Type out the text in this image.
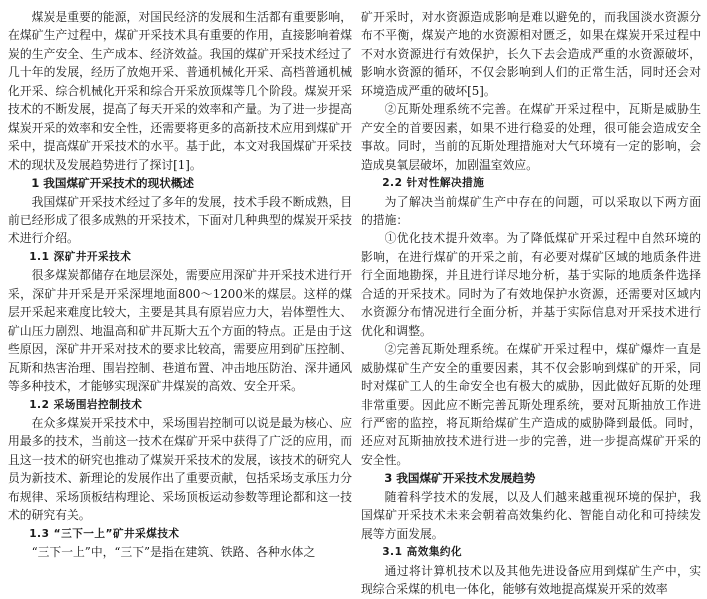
煤炭是重要的能源，对国民经济的发展和生活都有重要影响，在煤矿生产过程中，煤矿开采技术具有重要的作用，直接影响着煤炭的生产安全、生产成本、经济效益。我国的煤矿开采技术经过了几十年的发展，经历了放炮开采、普通机械化开采、高档普通机械化开采、综合机械化开采和综合开采放顶煤等几个阶段。煤炭开采技术的不断发展，提高了每天开采的效率和产量。为了进一步提高煤炭开采的效率和安全性，还需要将更多的高新技术应用到煤矿开采中，提高煤矿开采技术的水平。基于此，本文对我国煤矿开采技术的现状及发展趋势进行了探讨[1]。

1 我国煤矿开采技术的现状概述

我国煤矿开采技术经过了多年的发展，技术手段不断成熟，目前已经形成了很多成熟的开采技术，下面对几种典型的煤炭开采技术进行介绍。

1.1 深矿井开采技术

很多煤炭都储存在地层深处，需要应用深矿井开采技术进行开采，深矿井开采是开采深埋地面800～1200米的煤层。这样的煤层开采起来难度比较大，主要是其具有原岩应力大，岩体塑性大、矿山压力剧烈、地温高和矿井瓦斯大五个方面的特点。正是由于这些原因，深矿井开采对技术的要求比较高，需要应用到矿压控制、瓦斯和热害治理、围岩控制、巷道布置、冲击地压防治、深井通风等多种技术，才能够实现深矿井煤炭的高效、安全开采。

1.2 采场围岩控制技术

在众多煤炭开采技术中，采场围岩控制可以说是最为核心、应用最多的技术，当前这一技术在煤矿开采中获得了广泛的应用，而且这一技术的研究也推动了煤炭开采技术的发展，该技术的研究人员为新技术、新理论的发展作出了重要贡献，包括采场支承压力分布规律、采场顶板结构理论、采场顶板运动参数等理论都和这一技术的研究有关。

1.3 “三下一上”矿井采煤技术

“三下一上”中，“三下”是指在建筑、铁路、各种水体之

矿开采时，对水资源造成影响是难以避免的，而我国淡水资源分布不平衡，煤炭产地的水资源相对匮乏，如果在煤炭开采过程中不对水资源进行有效保护，长久下去会造成严重的水资源破坏，影响水资源的循环，不仅会影响到人们的正常生活，同时还会对环境造成严重的破坏[5]。

②瓦斯处理系统不完善。在煤矿开采过程中，瓦斯是威胁生产安全的首要因素，如果不进行稳妥的处理，很可能会造成安全事故。同时，当前的瓦斯处理措施对大气环境有一定的影响，会造成臭氧层破坏，加剧温室效应。

2.2 针对性解决措施

为了解决当前煤矿生产中存在的问题，可以采取以下两方面的措施：

①优化技术提升效率。为了降低煤矿开采过程中自然环境的影响，在进行煤矿的开采之前，有必要对煤矿区域的地质条件进行全面地勘探，并且进行详尽地分析，基于实际的地质条件选择合适的开采技术。同时为了有效地保护水资源，还需要对区域内水资源分布情况进行全面分析，并基于实际信息对开采技术进行优化和调整。

②完善瓦斯处理系统。在煤矿开采过程中，煤矿爆炸一直是威胁煤矿生产安全的重要因素，其不仅会影响到煤矿的开采，同时对煤矿工人的生命安全也有极大的威胁，因此做好瓦斯的处理非常重要。因此应不断完善瓦斯处理系统，要对瓦斯抽放工作进行严密的监控，将瓦斯给煤矿生产造成的威胁降到最低。同时，还应对瓦斯抽放技术进行进一步的完善，进一步提高煤矿开采的安全性。

3 我国煤矿开采技术发展趋势

随着科学技术的发展，以及人们越来越重视环境的保护，我国煤矿开采技术未来会朝着高效集约化、智能自动化和可持续发展等方面发展。

3.1 高效集约化

通过将计算机技术以及其他先进设备应用到煤矿生产中，实现综合采煤的机电一体化，能够有效地提高煤炭开采的效率
